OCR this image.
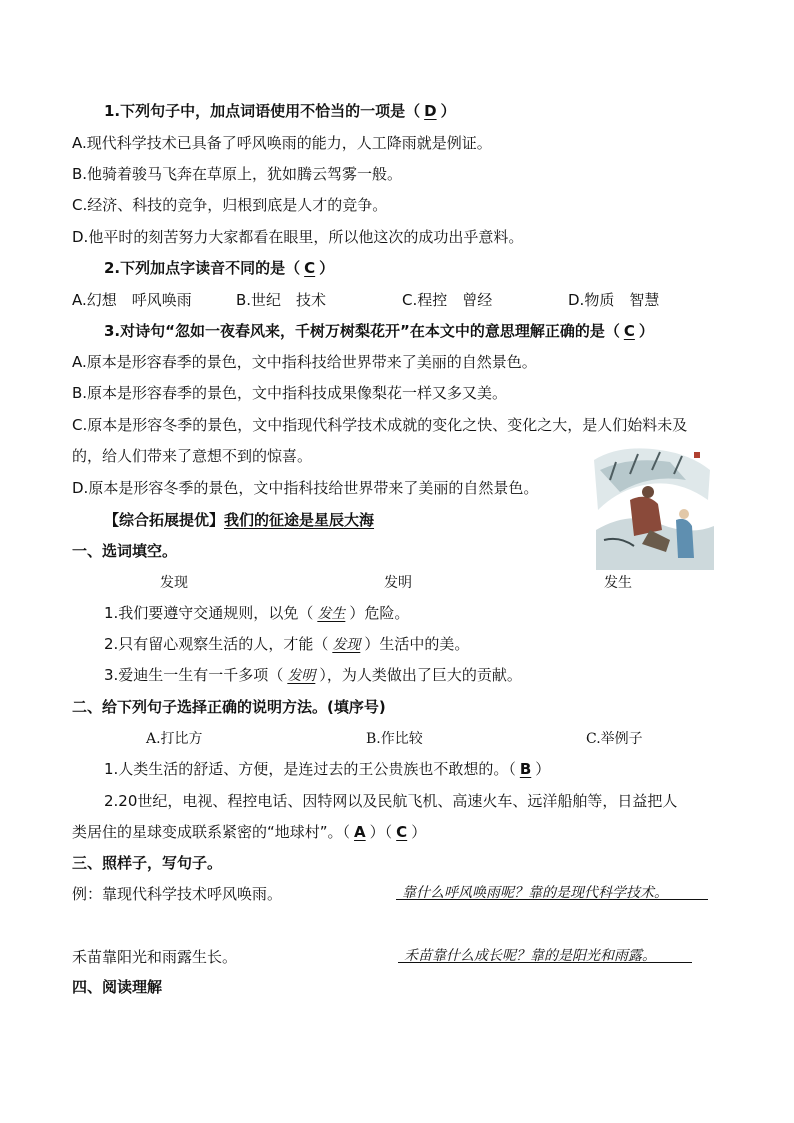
1.下列句子中，加点词语使用不恰当的一项是（ D ）
A.现代科学技术已具备了呼风唤雨的能力，人工降雨就是例证。
B.他骑着骏马飞奔在草原上，犹如腾云驾雾一般。
C.经济、科技的竞争，归根到底是人才的竞争。
D.他平时的刻苦努力大家都看在眼里，所以他这次的成功出乎意料。
2.下列加点字读音不同的是（ C ）
A.幻想　呼风唤雨	B.世纪　技术	C.程控　曾经	D.物质　智慧
3.对诗句“忽如一夜春风来，千树万树梨花开”在本文中的意思理解正确的是（ C ）
A.原本是形容春季的景色，文中指科技给世界带来了美丽的自然景色。
B.原本是形容春季的景色，文中指科技成果像梨花一样又多又美。
C.原本是形容冬季的景色，文中指现代科学技术成就的变化之快、变化之大，是人们始料未及
的，给人们带来了意想不到的惊喜。
D.原本是形容冬季的景色，文中指科技给世界带来了美丽的自然景色。
【综合拓展提优】我们的征途是星辰大海
一、选词填空。
发现	发明	发生
1.我们要遵守交通规则，以免（ 发生 ）危险。
2.只有留心观察生活的人，才能（ 发现 ）生活中的美。
3.爱迪生一生有一千多项（ 发明 ），为人类做出了巨大的贡献。
二、给下列句子选择正确的说明方法。(填序号)
A.打比方	B.作比较	C.举例子
1.人类生活的舒适、方便，是连过去的王公贵族也不敢想的。（ B ）
2.20世纪，电视、程控电话、因特网以及民航飞机、高速火车、远洋船舶等，日益把人
类居住的星球变成联系紧密的“地球村”。（ A ）（ C ）
三、照样子，写句子。
例：靠现代科学技术呼风唤雨。	靠什么呼风唤雨呢？靠的是现代科学技术。
禾苗靠阳光和雨露生长。	禾苗靠什么成长呢？靠的是阳光和雨露。
四、阅读理解
